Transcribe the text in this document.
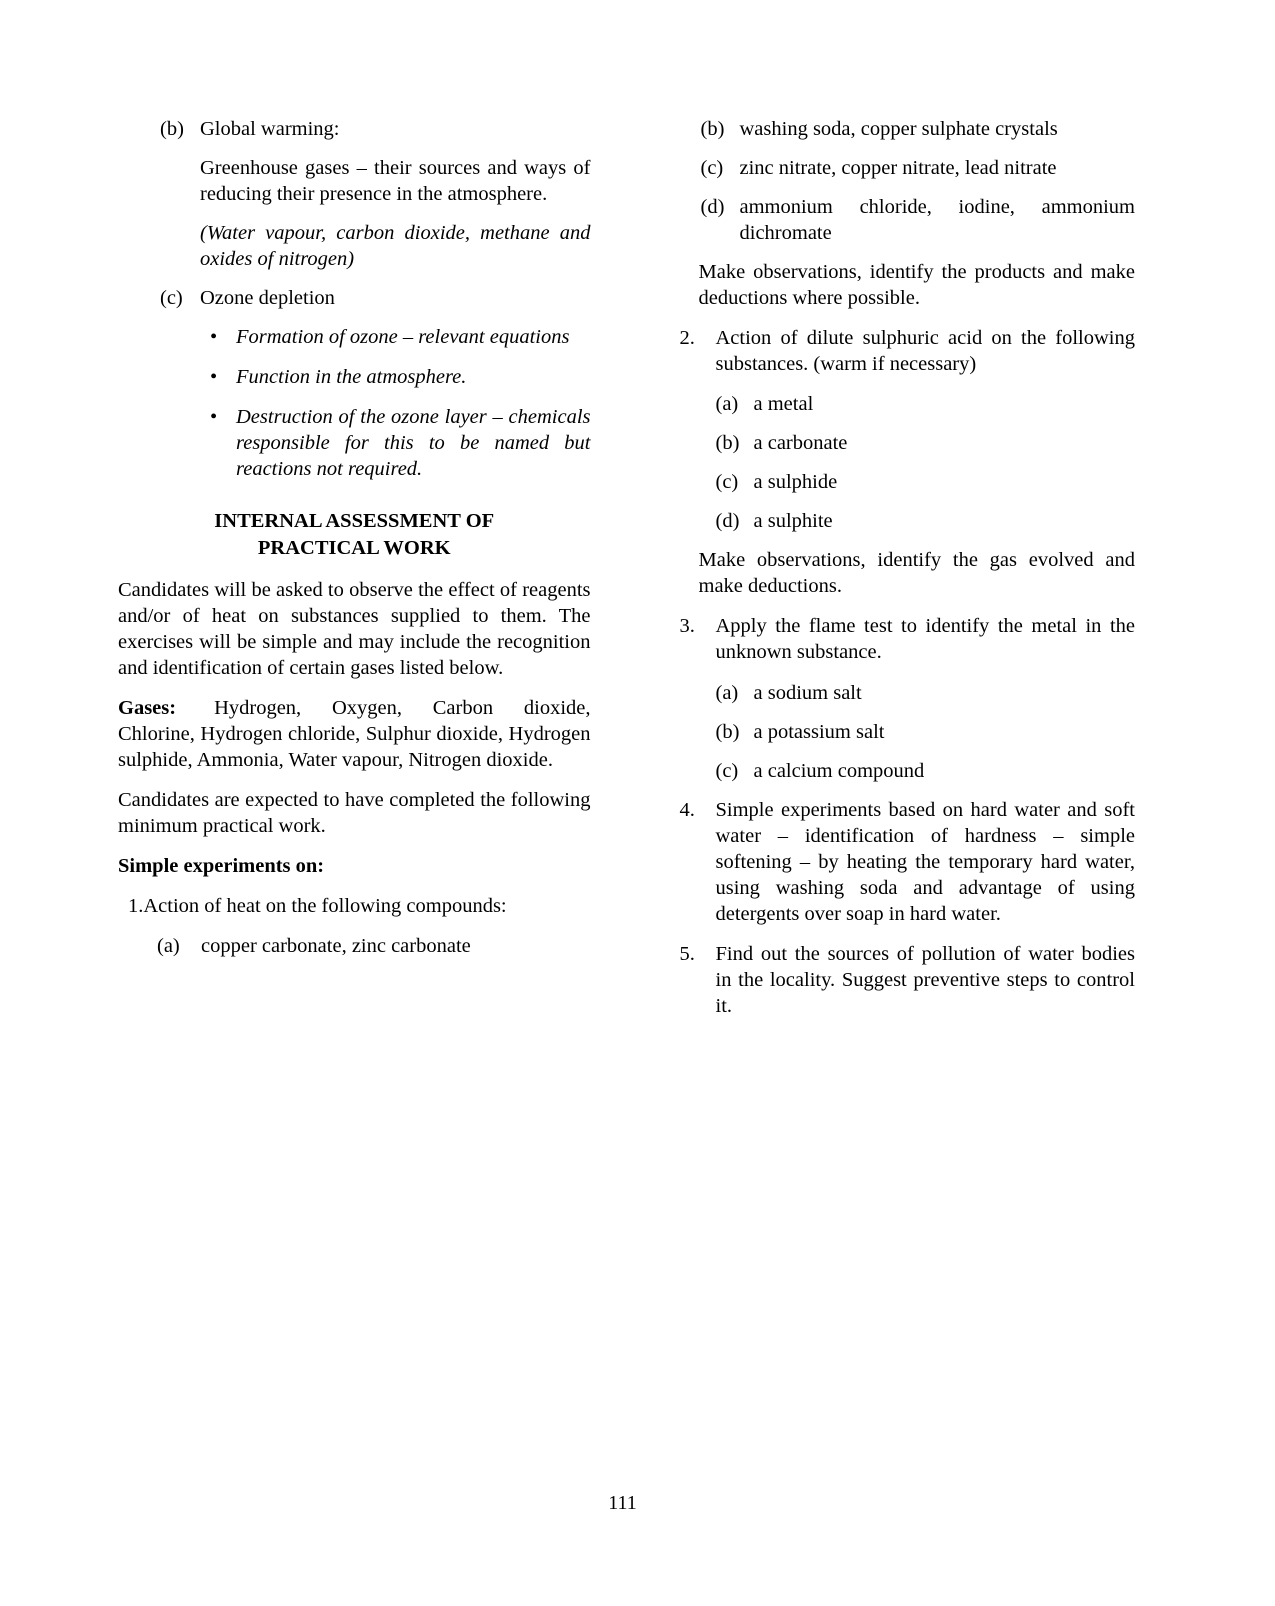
(b) Global warming:

Greenhouse gases – their sources and ways of reducing their presence in the atmosphere.

(Water vapour, carbon dioxide, methane and oxides of nitrogen)

(c) Ozone depletion
• Formation of ozone – relevant equations
• Function in the atmosphere.
• Destruction of the ozone layer – chemicals responsible for this to be named but reactions not required.
INTERNAL ASSESSMENT OF
PRACTICAL WORK

Candidates will be asked to observe the effect of reagents and/or of heat on substances supplied to them. The exercises will be simple and may include the recognition and identification of certain gases listed below.

Gases: Hydrogen, Oxygen, Carbon dioxide, Chlorine, Hydrogen chloride, Sulphur dioxide, Hydrogen sulphide, Ammonia, Water vapour, Nitrogen dioxide.

Candidates are expected to have completed the following minimum practical work.

Simple experiments on:

1.Action of heat on the following compounds:

(a)	copper carbonate, zinc carbonate
(b) washing soda, copper sulphate crystals
(c) zinc nitrate, copper nitrate, lead nitrate
(d) ammonium chloride, iodine, ammonium dichromate

Make observations, identify the products and make deductions where possible.

2.	Action of dilute sulphuric acid on the following substances. (warm if necessary)
(a) a metal
(b) a carbonate
(c) a sulphide
(d) a sulphite

Make observations, identify the gas evolved and make deductions.

3.	Apply the flame test to identify the metal in the unknown substance.
(a) a sodium salt
(b) a potassium salt
(c) a calcium compound
4.	Simple experiments based on hard water and soft water – identification of hardness – simple softening – by heating the temporary hard water, using washing soda and advantage of using detergents over soap in hard water.
5.	Find out the sources of pollution of water bodies in the locality. Suggest preventive steps to control it.
111
